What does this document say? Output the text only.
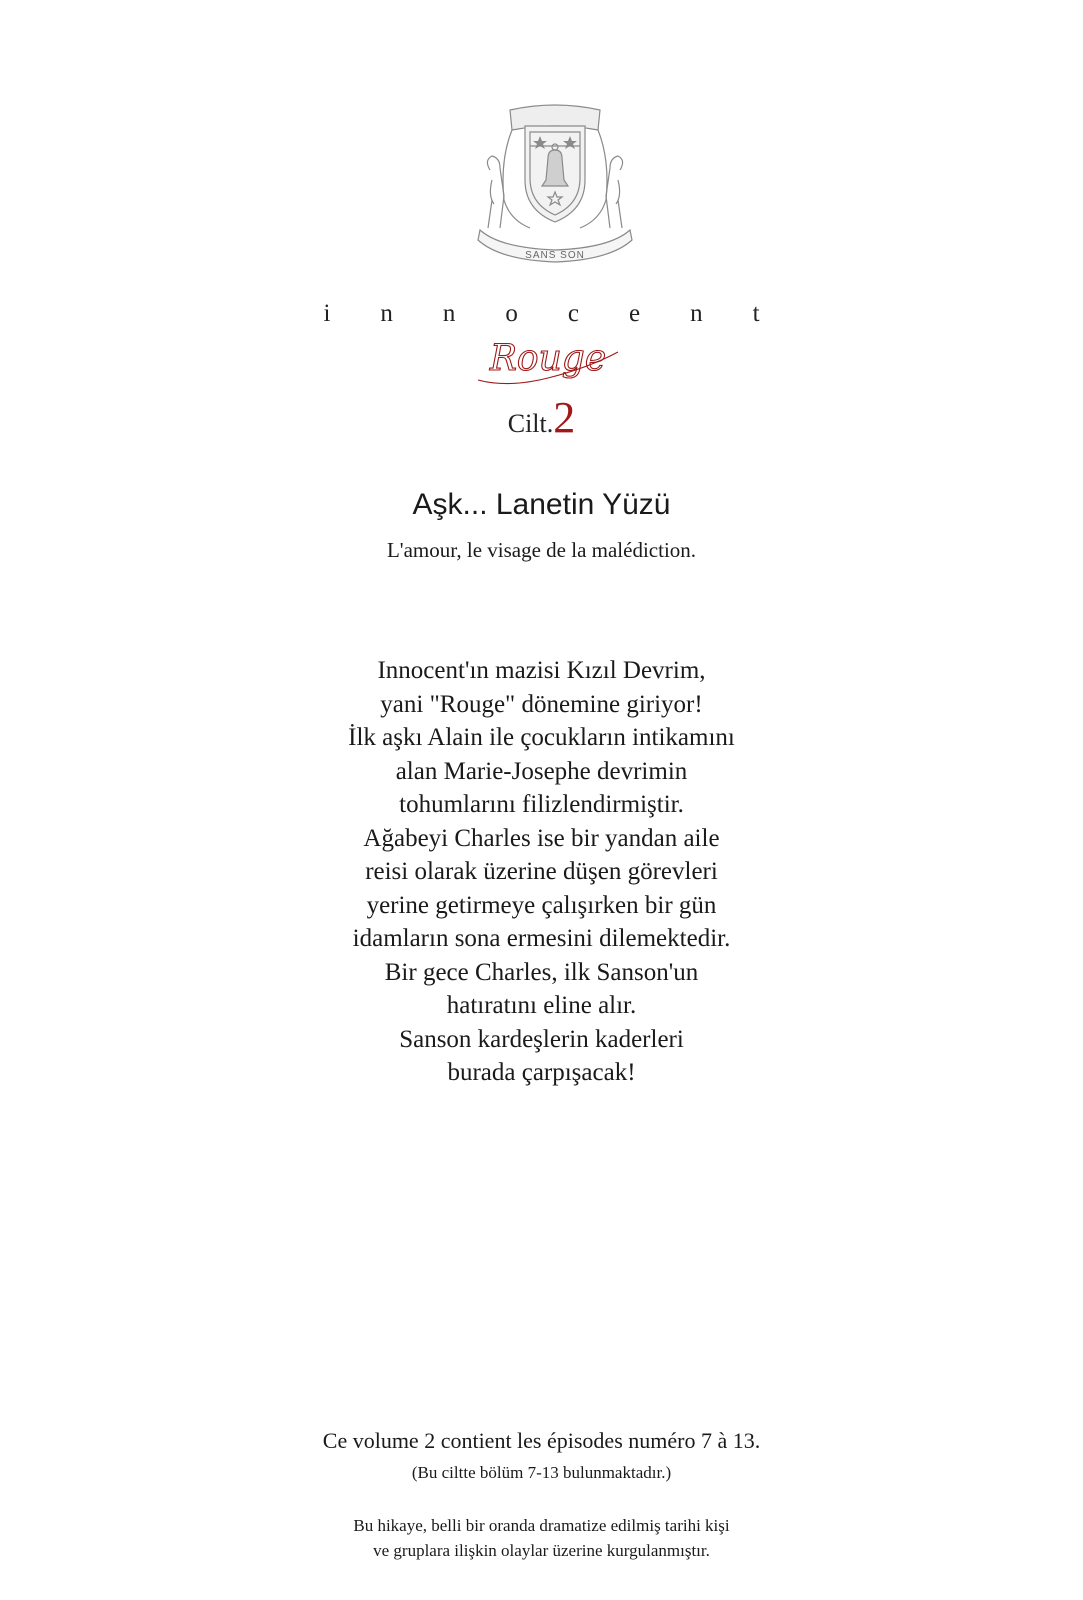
SANS SON
innocent
Rouge
Cilt.2
Aşk... Lanetin Yüzü
L'amour, le visage de la malédiction.
Innocent'ın mazisi Kızıl Devrim,
yani "Rouge" dönemine giriyor!
İlk aşkı Alain ile çocukların intikamını
alan Marie-Josephe devrimin
tohumlarını filizlendirmiştir.
Ağabeyi Charles ise bir yandan aile
reisi olarak üzerine düşen görevleri
yerine getirmeye çalışırken bir gün
idamların sona ermesini dilemektedir.
Bir gece Charles, ilk Sanson'un
hatıratını eline alır.
Sanson kardeşlerin kaderleri
burada çarpışacak!
Ce volume 2 contient les épisodes numéro 7 à 13.
(Bu ciltte bölüm 7-13 bulunmaktadır.)
Bu hikaye, belli bir oranda dramatize edilmiş tarihi kişi
ve gruplara ilişkin olaylar üzerine kurgulanmıştır.
